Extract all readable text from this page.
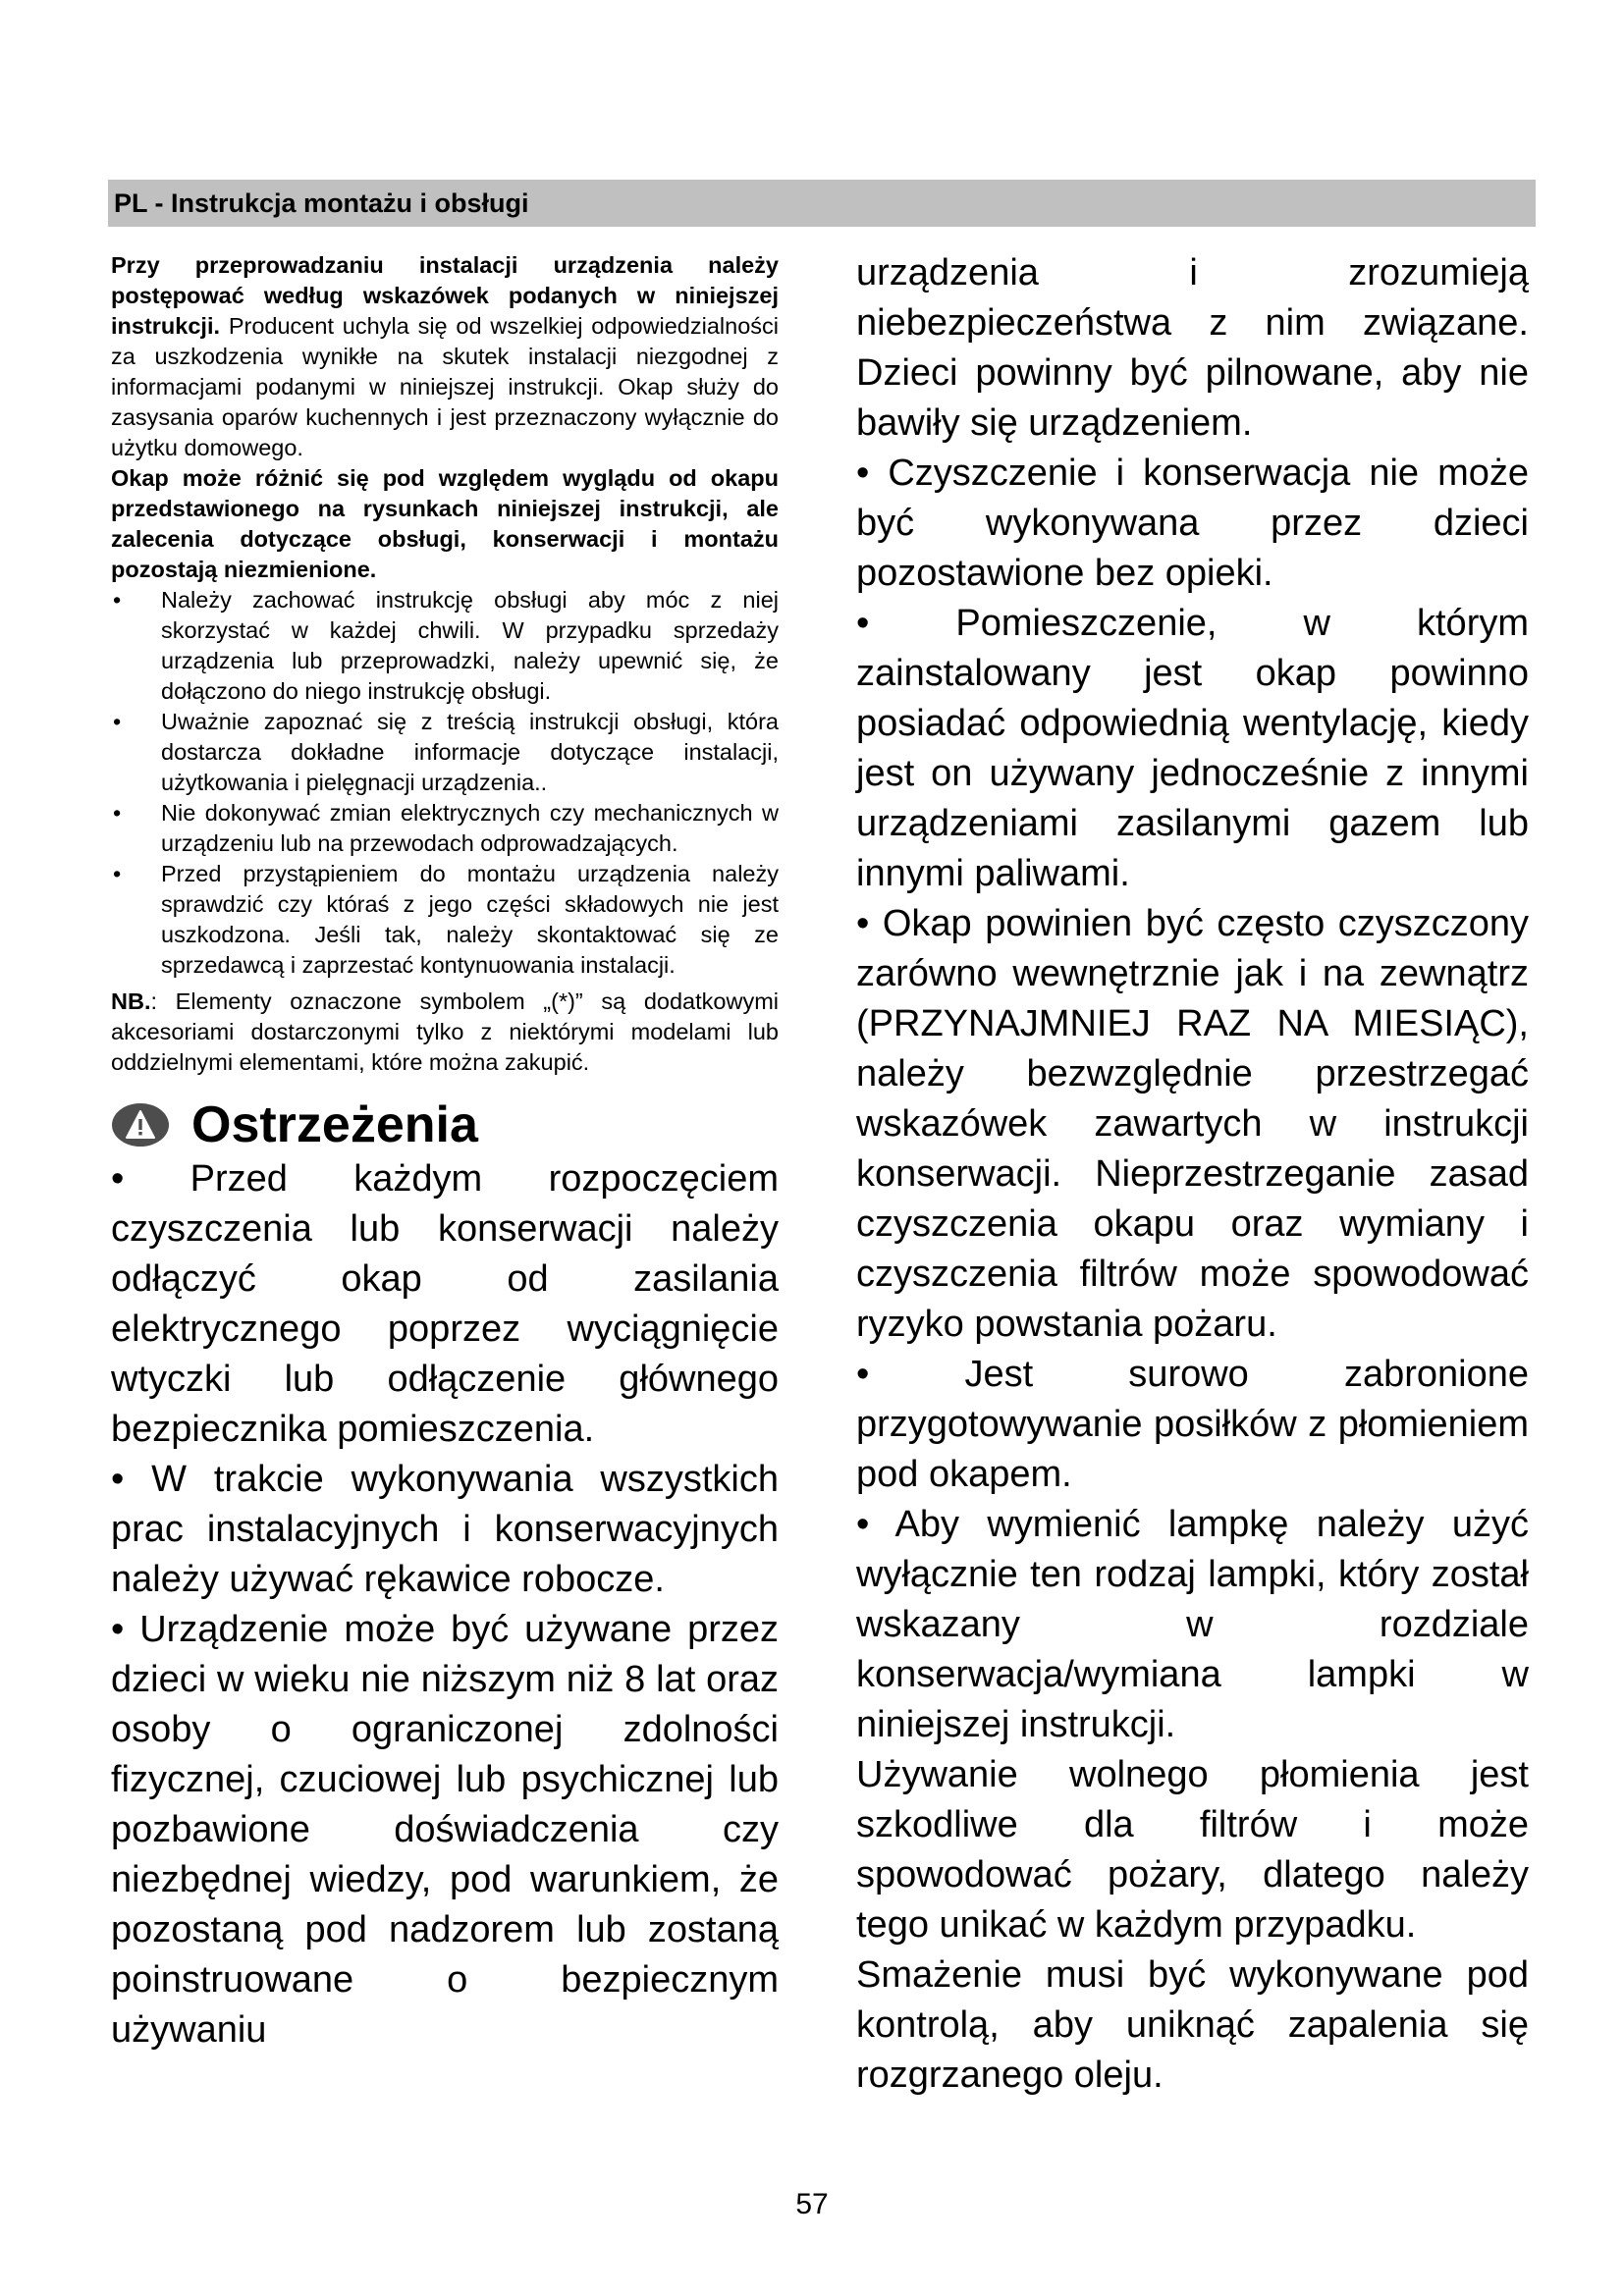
PL - Instrukcja montażu i obsługi

Przy przeprowadzaniu instalacji urządzenia należy postępować według wskazówek podanych w niniejszej instrukcji. Producent uchyla się od wszelkiej odpowiedzialności za uszkodzenia wynikłe na skutek instalacji niezgodnej z informacjami podanymi w niniejszej instrukcji. Okap służy do zasysania oparów kuchennych i jest przeznaczony wyłącznie do użytku domowego.

Okap może różnić się pod względem wyglądu od okapu przedstawionego na rysunkach niniejszej instrukcji, ale zalecenia dotyczące obsługi, konserwacji i montażu pozostają niezmienione.

• Należy zachować instrukcję obsługi aby móc z niej skorzystać w każdej chwili. W przypadku sprzedaży urządzenia lub przeprowadzki, należy upewnić się, że dołączono do niego instrukcję obsługi.
• Uważnie zapoznać się z treścią instrukcji obsługi, która dostarcza dokładne informacje dotyczące instalacji, użytkowania i pielęgnacji urządzenia..
• Nie dokonywać zmian elektrycznych czy mechanicznych w urządzeniu lub na przewodach odprowadzających.
• Przed przystąpieniem do montażu urządzenia należy sprawdzić czy któraś z jego części składowych nie jest uszkodzona. Jeśli tak, należy skontaktować się ze sprzedawcą i zaprzestać kontynuowania instalacji.

NB.: Elementy oznaczone symbolem „(*)” są dodatkowymi akcesoriami dostarczonymi tylko z niektórymi modelami lub oddzielnymi elementami, które można zakupić.

Ostrzeżenia

• Przed każdym rozpoczęciem czyszczenia lub konserwacji należy odłączyć okap od zasilania elektrycznego poprzez wyciągnięcie wtyczki lub odłączenie głównego bezpiecznika pomieszczenia.

• W trakcie wykonywania wszystkich prac instalacyjnych i konserwacyjnych należy używać rękawice robocze.

• Urządzenie może być używane przez dzieci w wieku nie niższym niż 8 lat oraz osoby o ograniczonej zdolności fizycznej, czuciowej lub psychicznej lub pozbawione doświadczenia czy niezbędnej wiedzy, pod warunkiem, że pozostaną pod nadzorem lub zostaną poinstruowane o bezpiecznym używaniu

urządzenia i zrozumieją niebezpieczeństwa z nim związane. Dzieci powinny być pilnowane, aby nie bawiły się urządzeniem.

• Czyszczenie i konserwacja nie może być wykonywana przez dzieci pozostawione bez opieki.

• Pomieszczenie, w którym zainstalowany jest okap powinno posiadać odpowiednią wentylację, kiedy jest on używany jednocześnie z innymi urządzeniami zasilanymi gazem lub innymi paliwami.

• Okap powinien być często czyszczony zarówno wewnętrznie jak i na zewnątrz (PRZYNAJMNIEJ RAZ NA MIESIĄC), należy bezwzględnie przestrzegać wskazówek zawartych w instrukcji konserwacji. Nieprzestrzeganie zasad czyszczenia okapu oraz wymiany i czyszczenia filtrów może spowodować ryzyko powstania pożaru.

• Jest surowo zabronione przygotowywanie posiłków z płomieniem pod okapem.

• Aby wymienić lampkę należy użyć wyłącznie ten rodzaj lampki, który został wskazany w rozdziale konserwacja/wymiana lampki w niniejszej instrukcji.

Używanie wolnego płomienia jest szkodliwe dla filtrów i może spowodować pożary, dlatego należy tego unikać w każdym przypadku.

Smażenie musi być wykonywane pod kontrolą, aby uniknąć zapalenia się rozgrzanego oleju.

57
